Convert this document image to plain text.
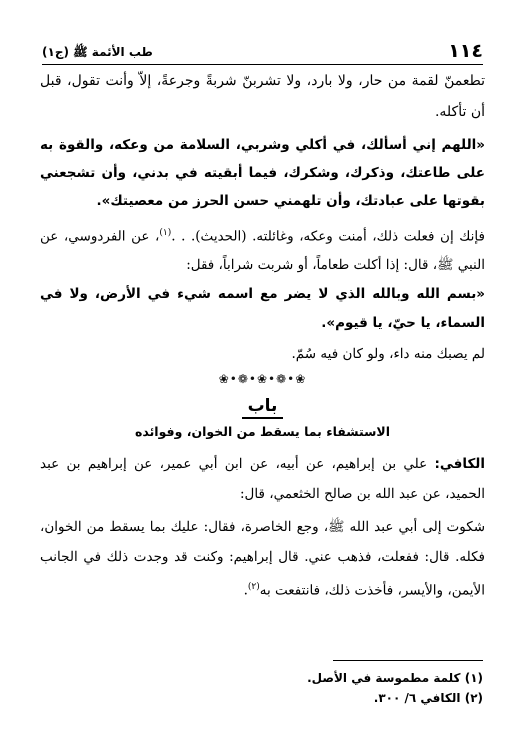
١١٤
طب الأئمة ﷺ (ج١)

تطعمنّ لقمة من حار، ولا بارد، ولا تشربنّ شربةً وجرعةً، إلاّ وأنت تقول، قبل أن تأكله.

«اللهم إني أسألك، في أكلي وشربي، السلامة من وعكه، والقوة به على طاعتك، وذكرك، وشكرك، فيما أبقيته في بدني، وأن تشجعني بقوتها على عبادتك، وأن تلهمني حسن الحرز من معصيتك».

فإنك إن فعلت ذلك، أمنت وعكه، وغائلته. (الحديث). . .$^{(١)}$، عن الفردوسي، عن النبي ﷺ، قال: إذا أكلت طعاماً، أو شربت شراباً، فقل:

«بسم الله وبالله الذي لا يضر مع اسمه شيء في الأرض، ولا في السماء، يا حيّ، يا قيوم».

لم يصبك منه داء، ولو كان فيه سُمّ.

❀•❁•❀•❁•❀
باب
الاستشفاء بما يسقط من الخوان، وفوائده

الكافي: علي بن إبراهيم، عن أبيه، عن ابن أبي عمير، عن إبراهيم بن عبد الحميد، عن عبد الله بن صالح الخثعمي، قال:

شكوت إلى أبي عبد الله ﷺ، وجع الخاصرة، فقال: عليك بما يسقط من الخوان، فكله. قال: ففعلت، فذهب عني. قال إبراهيم: وكنت قد وجدت ذلك في الجانب الأيمن، والأيسر، فأخذت ذلك، فانتفعت به$^{(٢)}$.

(١) كلمة مطموسة في الأصل.
(٢) الكافي ٦/ ٣٠٠.
